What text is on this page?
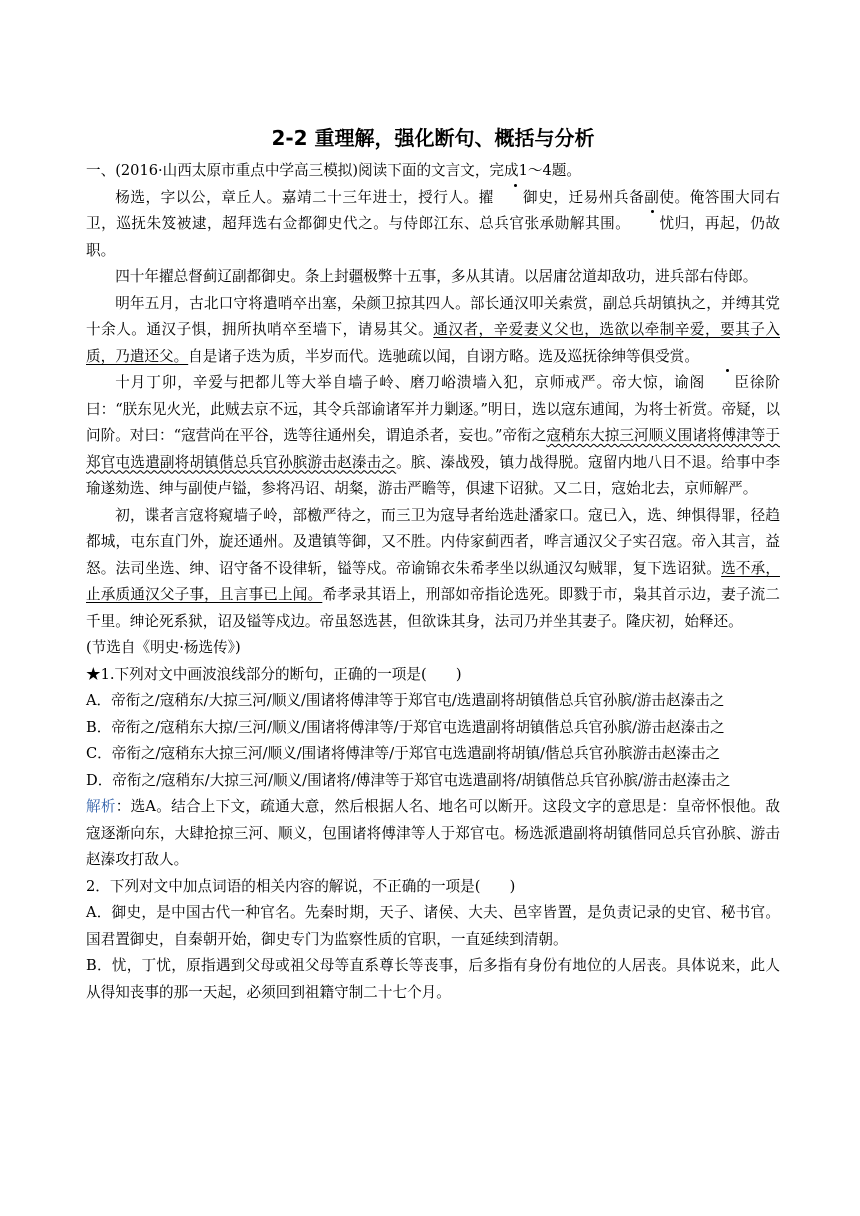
2-2 重理解，强化断句、概括与分析

一、(2016·山西太原市重点中学高三模拟)阅读下面的文言文，完成1～4题。

杨选，字以公，章丘人。嘉靖二十三年进士，授行人。擢 御史，迁易州兵备副使。俺答围大同右卫，巡抚朱笈被逮，超拜选右佥都御史代之。与侍郎江东、总兵官张承勋解其围。 忧归，再起，仍故职。

四十年擢总督蓟辽副都御史。条上封疆极弊十五事，多从其请。以居庸岔道却敌功，进兵部右侍郎。

明年五月，古北口守将遣哨卒出塞，朵颜卫掠其四人。部长通汉叩关索赏，副总兵胡镇执之，并缚其党十余人。通汉子惧，拥所执哨卒至墙下，请易其父。通汉者，辛爱妻义父也，选欲以牵制辛爱，要其子入质，乃遣还父。自是诸子迭为质，半岁而代。选驰疏以闻，自诩方略。选及巡抚徐绅等俱受赏。

十月丁卯，辛爱与把都儿等大举自墙子岭、磨刀峪溃墙入犯，京师戒严。帝大惊，谕阁 臣徐阶曰：“朕东见火光，此贼去京不远，其令兵部谕诸军并力剿逐。”明日，选以寇东逋闻，为将士祈赏。帝疑，以问阶。对曰：“寇营尚在平谷，选等往通州矣，谓追杀者，妄也。”帝衔之寇稍东大掠三河顺义围诸将傅津等于郑官屯选遣副将胡镇偕总兵官孙膑游击赵溱击之。膑、溱战殁，镇力战得脱。寇留内地八日不退。给事中李瑜遂劾选、绅与副使卢镒，参将冯诏、胡粲，游击严瞻等，俱逮下诏狱。又二日，寇始北去，京师解严。

初，谍者言寇将窥墙子岭，部檄严待之，而三卫为寇导者绐选赴潘家口。寇已入，选、绅惧得罪，径趋都城，屯东直门外，旋还通州。及遣镇等御，又不胜。内侍家蓟西者，哗言通汉父子实召寇。帝入其言，益怒。法司坐选、绅、诏守备不设律斩，镒等戍。帝谕锦衣朱希孝坐以纵通汉勾贼罪，复下选诏狱。选不承，止承质通汉父子事，且言事已上闻。希孝录其语上，刑部如帝指论选死。即戮于市，枭其首示边，妻子流二千里。绅论死系狱，诏及镒等戍边。帝虽怒选甚，但欲诛其身，法司乃并坐其妻子。隆庆初，始释还。

(节选自《明史·杨选传》)

★1.下列对文中画波浪线部分的断句，正确的一项是(　　)

A．帝衔之/寇稍东/大掠三河/顺义/围诸将傅津等于郑官屯/选遣副将胡镇偕总兵官孙膑/游击赵溱击之

B．帝衔之/寇稍东大掠/三河/顺义/围诸将傅津等/于郑官屯选遣副将胡镇偕总兵官孙膑/游击赵溱击之

C．帝衔之/寇稍东大掠三河/顺义/围诸将傅津等/于郑官屯选遣副将胡镇/偕总兵官孙膑游击赵溱击之

D．帝衔之/寇稍东/大掠三河/顺义/围诸将/傅津等于郑官屯选遣副将/胡镇偕总兵官孙膑/游击赵溱击之

解析：选A。结合上下文，疏通大意，然后根据人名、地名可以断开。这段文字的意思是：皇帝怀恨他。敌寇逐渐向东，大肆抢掠三河、顺义，包围诸将傅津等人于郑官屯。杨选派遣副将胡镇偕同总兵官孙膑、游击赵溱攻打敌人。

2．下列对文中加点词语的相关内容的解说，不正确的一项是(　　)

A．御史，是中国古代一种官名。先秦时期，天子、诸侯、大夫、邑宰皆置，是负责记录的史官、秘书官。国君置御史，自秦朝开始，御史专门为监察性质的官职，一直延续到清朝。

B．忧，丁忧，原指遇到父母或祖父母等直系尊长等丧事，后多指有身份有地位的人居丧。具体说来，此人从得知丧事的那一天起，必须回到祖籍守制二十七个月。
